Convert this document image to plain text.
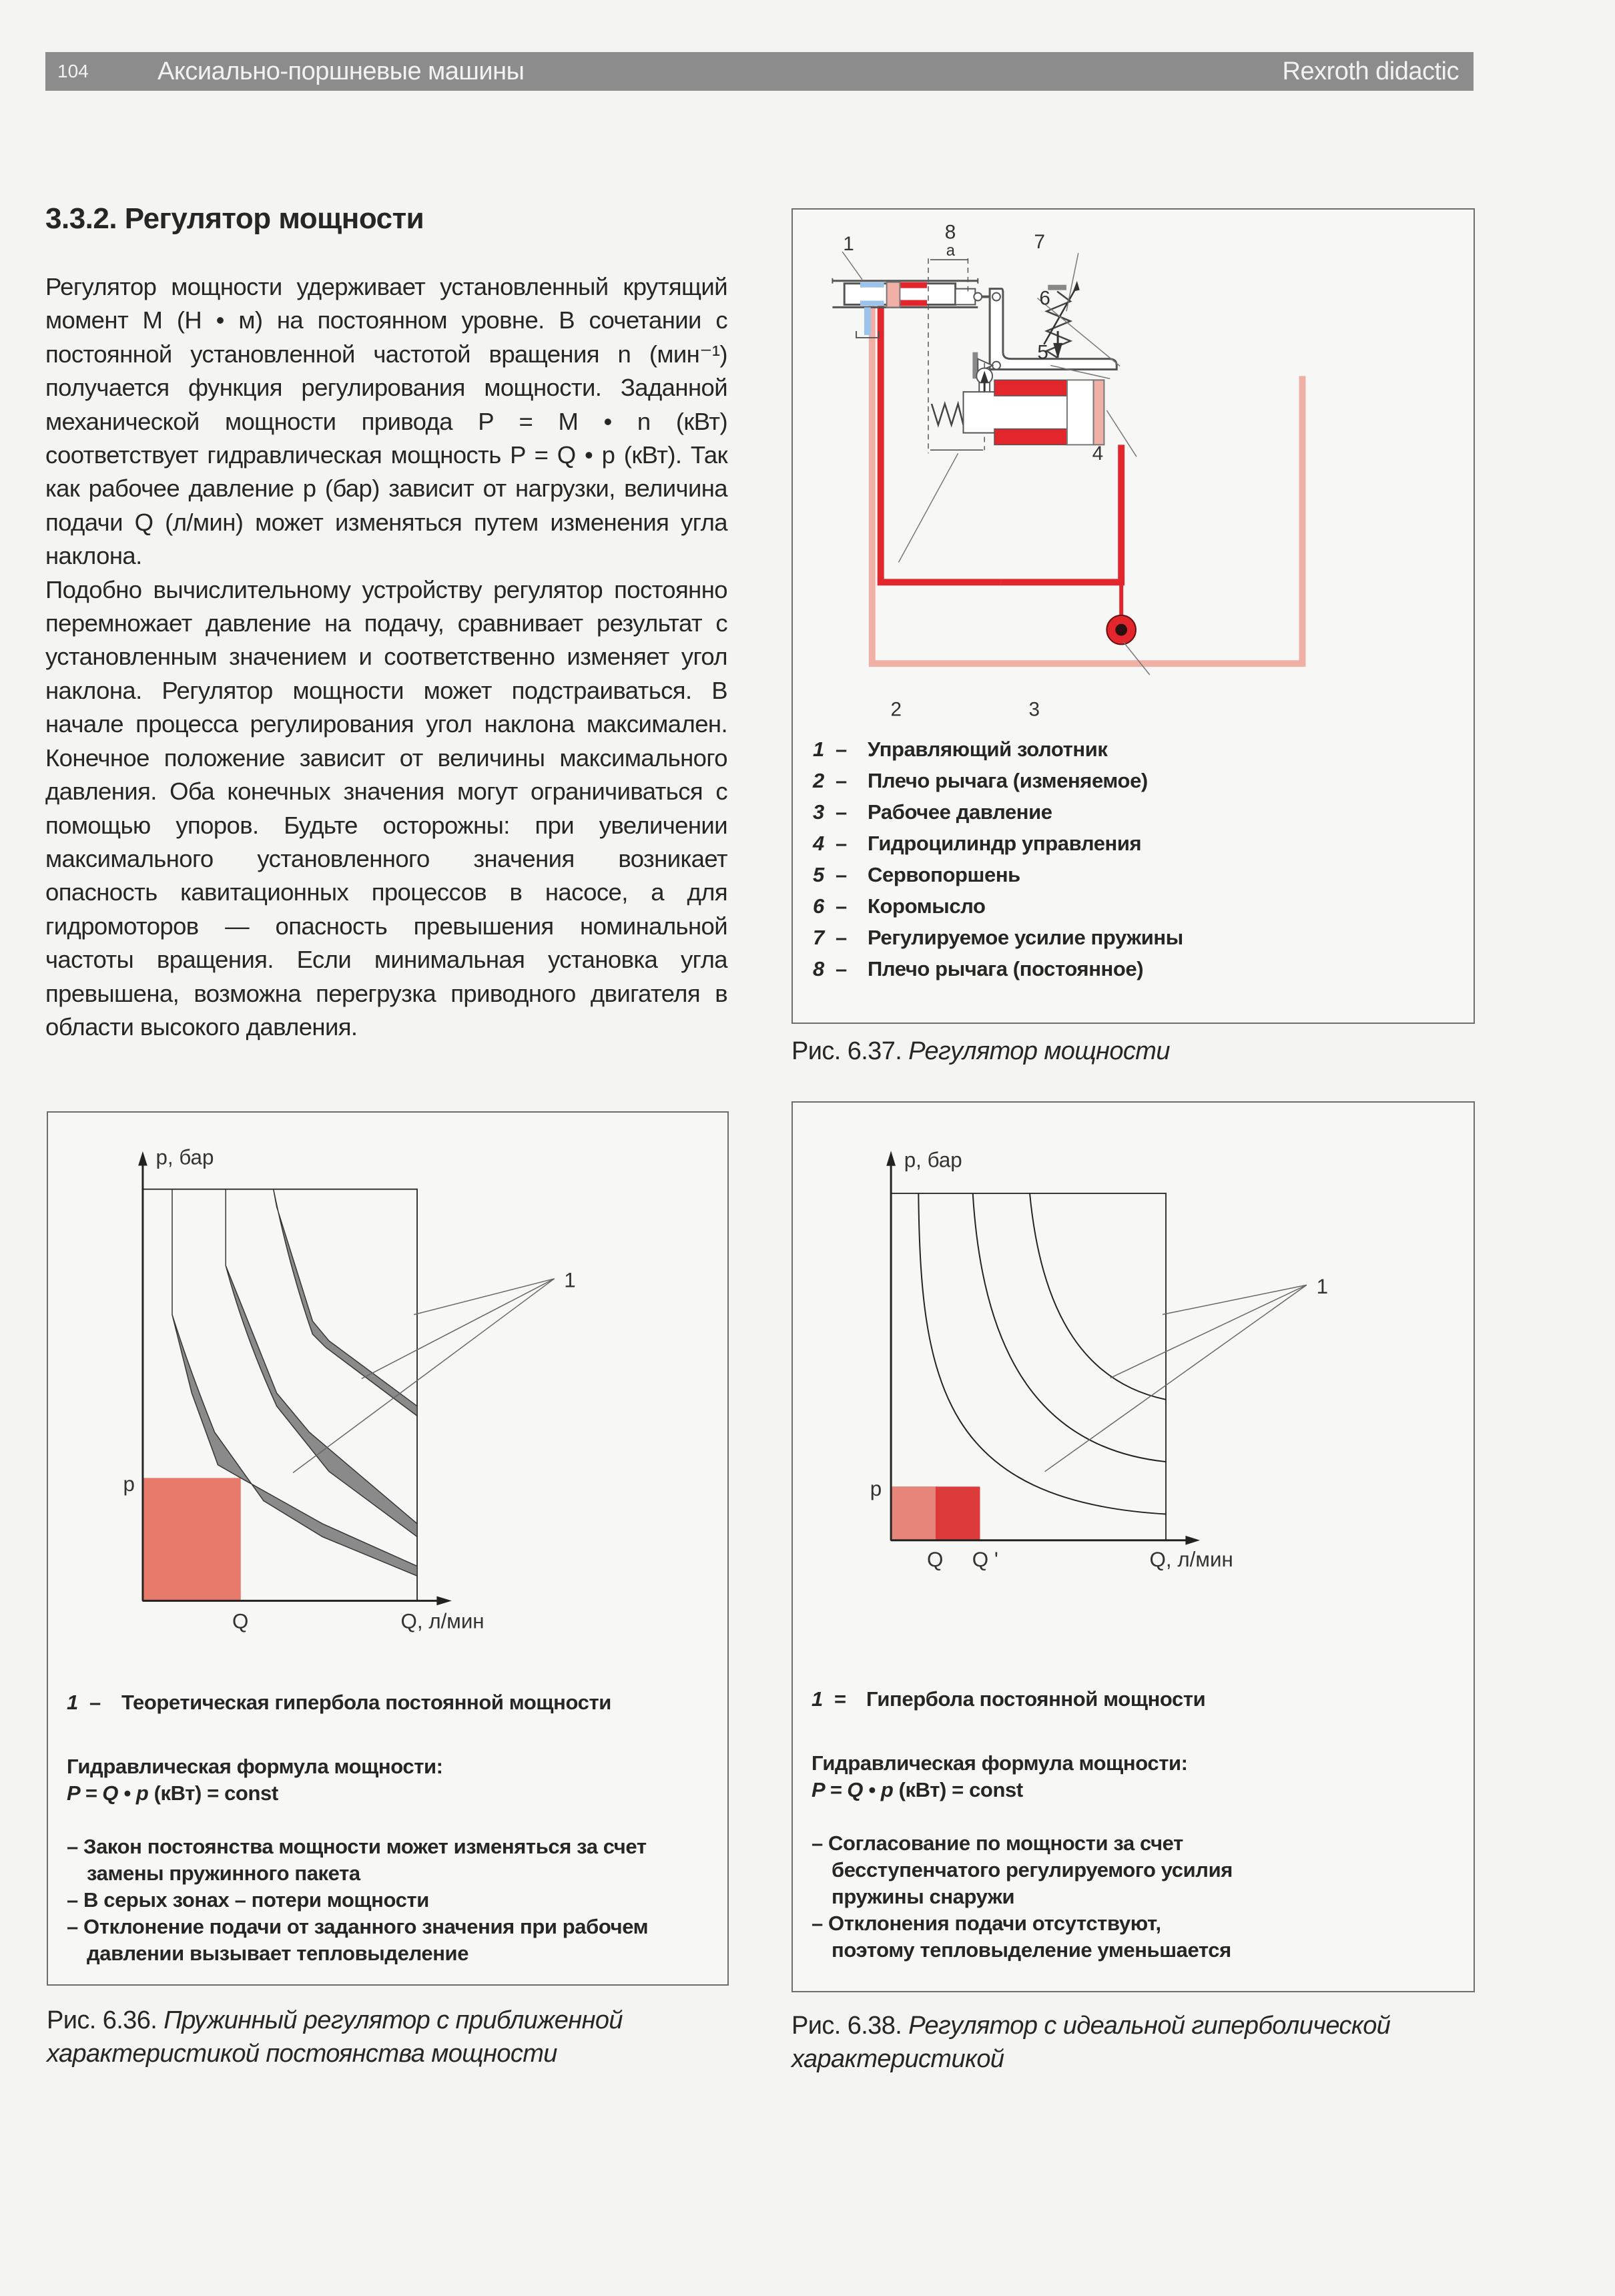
104	Аксиально-поршневые машины	Rexroth didactic
3.3.2. Регулятор мощности

Регулятор мощности удерживает установленный крутящий момент M (Н • м) на постоянном уровне. В сочетании с постоянной установленной частотой вращения n (мин⁻¹) получается функция регулирования мощности. Заданной механической мощности привода P = M • n (кВт) соответствует гидравлическая мощность P = Q • p (кВт). Так как рабочее давление p (бар) зависит от нагрузки, величина подачи Q (л/мин) может изменяться путем изменения угла наклона.

Подобно вычислительному устройству регулятор постоянно перемножает давление на подачу, сравнивает результат с установленным значением и соответственно изменяет угол наклона. Регулятор мощности может подстраиваться. В начале процесса регулирования угол наклона максимален. Конечное положение зависит от величины максимального давления. Оба конечных значения могут ограничиваться с помощью упоров. Будьте осторожны: при увеличении максимального установленного значения возникает опасность кавитационных процессов в насосе, а для гидромоторов — опасность превышения номинальной частоты вращения. Если минимальная установка угла превышена, возможна перегрузка приводного двигателя в области высокого давления.

1
2	3
4
5
6
7
8
a
1 –	Управляющий золотник
2 –	Плечо рычага (изменяемое)
3 –	Рабочее давление
4 –	Гидроцилиндр управления
5 –	Сервопоршень
6 –	Коромысло
7 –	Регулируемое усилие пружины
8 –	Плечо рычага (постоянное)
Рис. 6.37. Регулятор мощности
1
p, бар
p
Q	Q, л/мин
1 –	Теоретическая гипербола постоянной мощности
Гидравлическая формула мощности:
P = Q • p (кВт) = const
– Закон постоянства мощности может изменяться за счет замены пружинного пакета
– В серых зонах – потери мощности
– Отклонение подачи от заданного значения при рабочем давлении вызывает тепловыделение
Рис. 6.36. Пружинный регулятор с приближенной характеристикой постоянства мощности
1
p, бар
p
Q Q '	Q, л/мин
1 = Гипербола постоянной мощности
Гидравлическая формула мощности:
P = Q • p (кВт) = const
– Согласование по мощности за счет бесступенчатого регулируемого усилия пружины снаружи
– Отклонения подачи отсутствуют, поэтому тепловыделение уменьшается
Рис. 6.38. Регулятор с идеальной гиперболической характеристикой
